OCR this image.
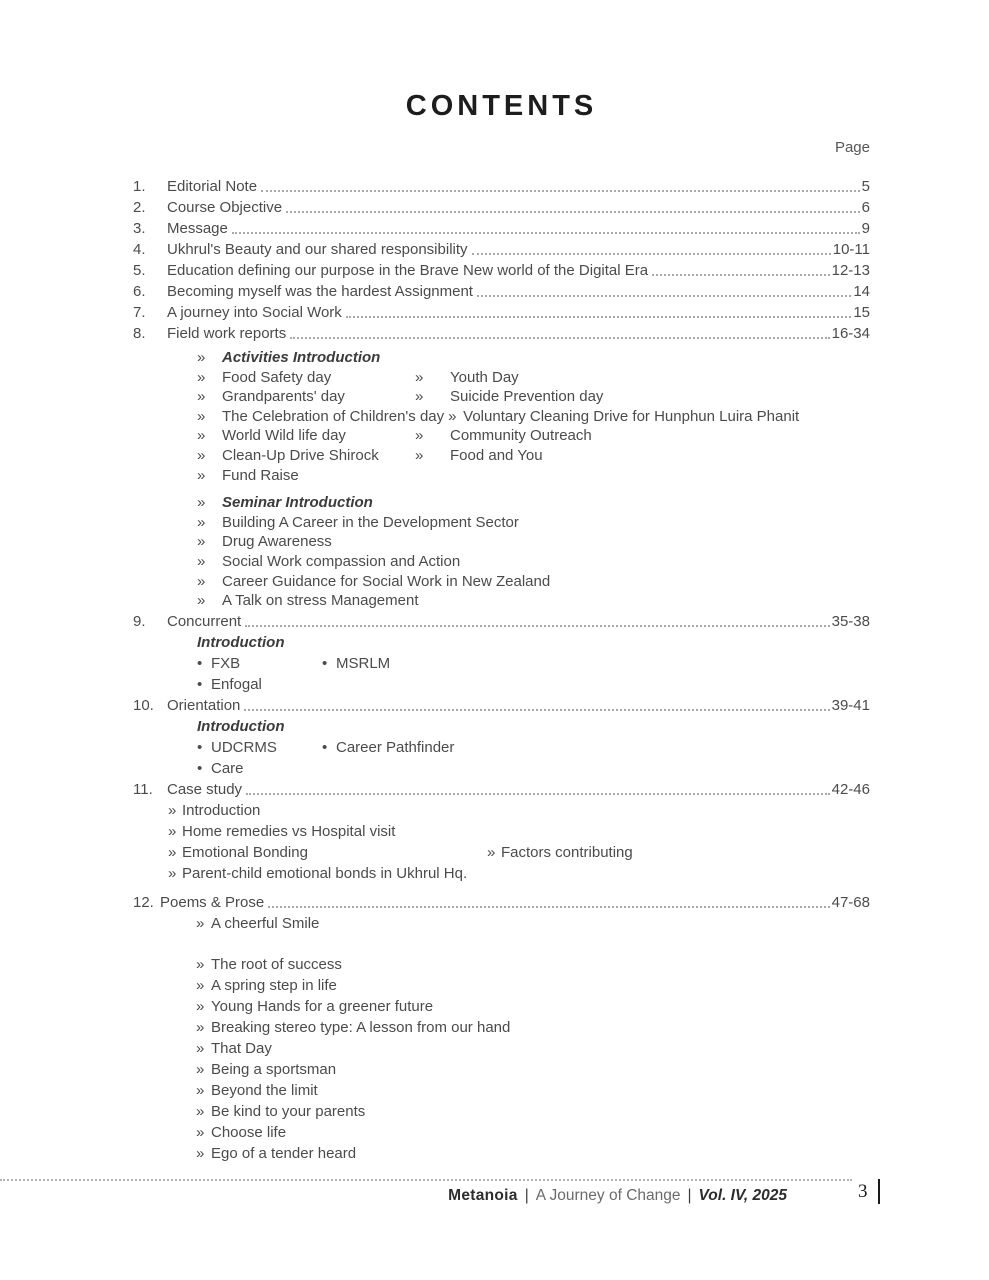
CONTENTS
Page
1.	Editorial Note	5
2.	Course Objective	6
3.	Message	9
4.	Ukhrul's Beauty and our shared responsibility	10-11
5.	Education defining our purpose in the Brave New world of the Digital Era	12-13
6.	Becoming myself was the hardest Assignment	14
7.	A journey into Social Work	15
8.	Field work reports	16-34
»	Activities Introduction
»	Food Safety day	»	Youth Day
»	Grandparents' day	»	Suicide Prevention day
»	The Celebration of Children's day » Voluntary Cleaning Drive for Hunphun Luira Phanit
»	World Wild life day	»	Community Outreach
»	Clean-Up Drive Shirock »	Food and You
»	Fund Raise
»	Seminar Introduction
»	Building A Career in the Development Sector
»	Drug Awareness
»	Social Work compassion and Action
»	Career Guidance for Social Work in New Zealand
»	A Talk on stress Management
9.	Concurrent	35-38
Introduction
• FXB	• MSRLM
• Enfogal
10. Orientation	39-41
Introduction
• UDCRMS	• Career Pathfinder
• Care
11. Case study	42-46
» Introduction
» Home remedies vs Hospital visit
» Emotional Bonding	» Factors contributing
» Parent-child emotional bonds in Ukhrul Hq.
12. Poems & Prose	47-68
» A cheerful Smile
» The root of success
» A spring step in life
» Young Hands for a greener future
» Breaking stereo type: A lesson from our hand
» That Day
» Being a sportsman
» Beyond the limit
» Be kind to your parents
» Choose life
» Ego of a tender heard
Metanoia | A Journey of Change | Vol. IV, 2025	3
